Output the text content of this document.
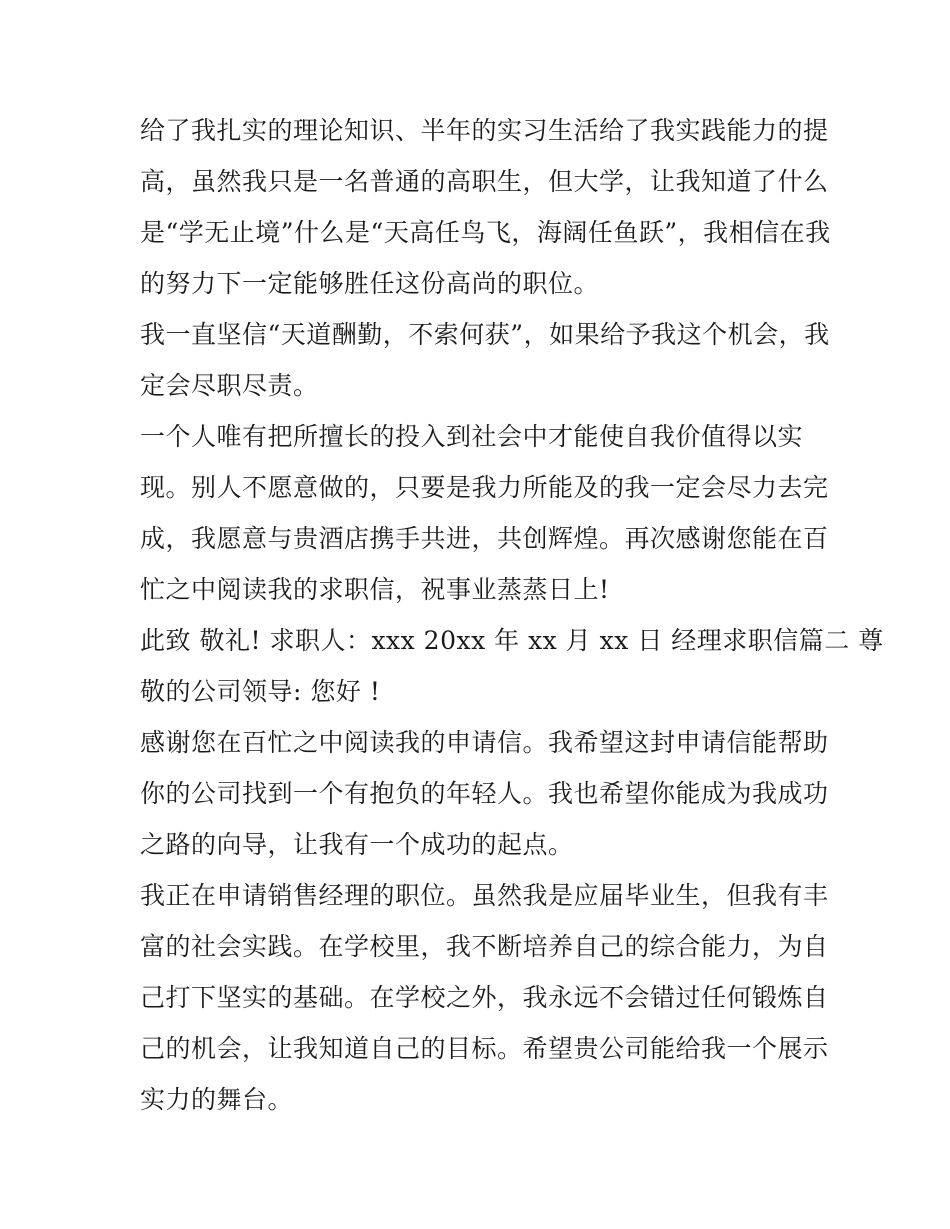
给了我扎实的理论知识、半年的实习生活给了我实践能力的提
高，虽然我只是一名普通的高职生，但大学，让我知道了什么
是“学无止境”什么是“天高任鸟飞，海阔任鱼跃”，我相信在我
的努力下一定能够胜任这份高尚的职位。
我一直坚信“天道酬勤，不索何获”，如果给予我这个机会，我
定会尽职尽责。
一个人唯有把所擅长的投入到社会中才能使自我价值得以实
现。别人不愿意做的，只要是我力所能及的我一定会尽力去完
成，我愿意与贵酒店携手共进，共创辉煌。再次感谢您能在百
忙之中阅读我的求职信，祝事业蒸蒸日上!
此致 敬礼! 求职人：xxx 20xx 年 xx 月 xx 日 经理求职信篇二 尊
敬的公司领导: 您好 !
感谢您在百忙之中阅读我的申请信。我希望这封申请信能帮助
你的公司找到一个有抱负的年轻人。我也希望你能成为我成功
之路的向导，让我有一个成功的起点。
我正在申请销售经理的职位。虽然我是应届毕业生，但我有丰
富的社会实践。在学校里，我不断培养自己的综合能力，为自
己打下坚实的基础。在学校之外，我永远不会错过任何锻炼自
己的机会，让我知道自己的目标。希望贵公司能给我一个展示
实力的舞台。
